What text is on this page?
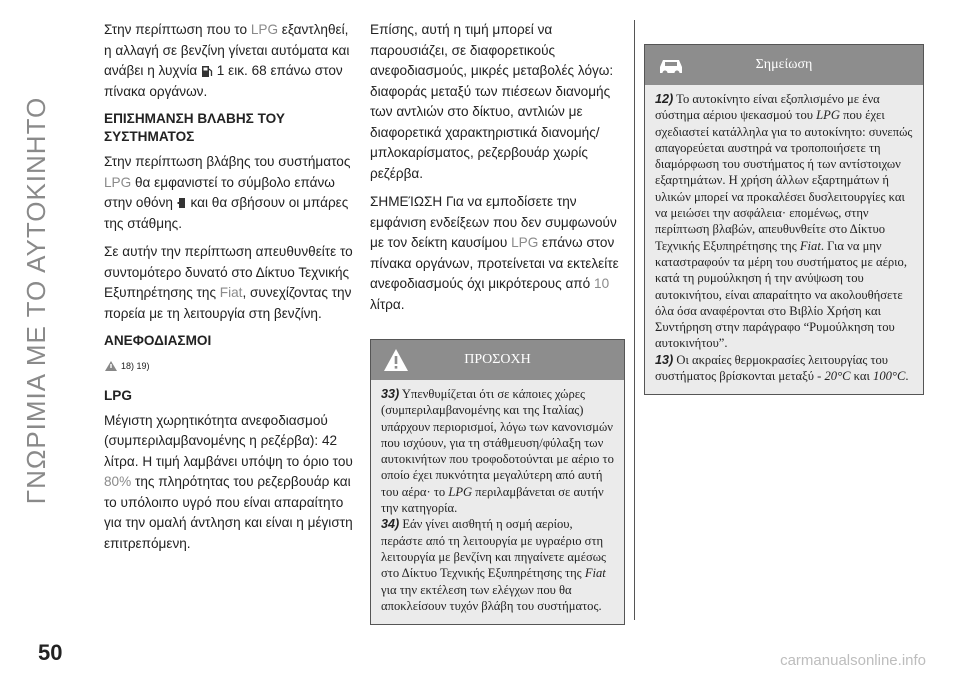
ΓΝΩΡΙΜΙΑ ΜΕ ΤΟ ΑΥΤΟΚΙΝΗΤΟ

Στην περίπτωση που το LPG εξαντληθεί, η αλλαγή σε βενζίνη γίνεται αυτόματα και ανάβει η λυχνία  1 εικ. 68 επάνω στον πίνακα οργάνων.

ΕΠΙΣΗΜΑΝΣΗ ΒΛΑΒΗΣ ΤΟΥ ΣΥΣΤΗΜΑΤΟΣ

Στην περίπτωση βλάβης του συστήματος LPG θα εμφανιστεί το σύμβολο επάνω στην οθόνη  και θα σβήσουν οι μπάρες της στάθμης.

Σε αυτήν την περίπτωση απευθυνθείτε το συντομότερο δυνατό στο Δίκτυο Τεχνικής Εξυπηρέτησης της Fiat, συνεχίζοντας την πορεία με τη λειτουργία στη βενζίνη.

ΑΝΕΦΟΔΙΑΣΜΟΙ
18) 19)
LPG

Μέγιστη χωρητικότητα ανεφοδιασμού (συμπεριλαμβανομένης η ρεζέρβα): 42 λίτρα. Η τιμή λαμβάνει υπόψη το όριο του 80% της πληρότητας του ρεζερβουάρ και το υπόλοιπο υγρό που είναι απαραίτητο για την ομαλή άντληση και είναι η μέγιστη επιτρεπόμενη.

Επίσης, αυτή η τιμή μπορεί να παρουσιάζει, σε διαφορετικούς ανεφοδιασμούς, μικρές μεταβολές λόγω: διαφοράς μεταξύ των πιέσεων διανομής των αντλιών στο δίκτυο, αντλιών με διαφορετικά χαρακτηριστικά διανομής/μπλοκαρίσματος, ρεζερβουάρ χωρίς ρεζέρβα.

ΣΗΜΕΊΩΣΗ Για να εμποδίσετε την εμφάνιση ενδείξεων που δεν συμφωνούν με τον δείκτη καυσίμου LPG επάνω στον πίνακα οργάνων, προτείνεται να εκτελείτε ανεφοδιασμούς όχι μικρότερους από 10 λίτρα.

ΠΡΟΣΟΧΗ

33) Υπενθυμίζεται ότι σε κάποιες χώρες (συμπεριλαμβανομένης και της Ιταλίας) υπάρχουν περιορισμοί, λόγω των κανονισμών που ισχύουν, για τη στάθμευση/φύλαξη των αυτοκινήτων που τροφοδοτούνται με αέριο το οποίο έχει πυκνότητα μεγαλύτερη από αυτή του αέρα· το LPG περιλαμβάνεται σε αυτήν την κατηγορία.

34) Εάν γίνει αισθητή η οσμή αερίου, περάστε από τη λειτουργία με υγραέριο στη λειτουργία με βενζίνη και πηγαίνετε αμέσως στο Δίκτυο Τεχνικής Εξυπηρέτησης της Fiat για την εκτέλεση των ελέγχων που θα αποκλείσουν τυχόν βλάβη του συστήματος.

Σημείωση

12) Το αυτοκίνητο είναι εξοπλισμένο με ένα σύστημα αέριου ψεκασμού του LPG που έχει σχεδιαστεί κατάλληλα για το αυτοκίνητο: συνεπώς απαγορεύεται αυστηρά να τροποποιήσετε τη διαμόρφωση του συστήματος ή των αντίστοιχων εξαρτημάτων. Η χρήση άλλων εξαρτημάτων ή υλικών μπορεί να προκαλέσει δυσλειτουργίες και να μειώσει την ασφάλεια· επομένως, στην περίπτωση βλαβών, απευθυνθείτε στο Δίκτυο Τεχνικής Εξυπηρέτησης της Fiat. Για να μην καταστραφούν τα μέρη του συστήματος με αέριο, κατά τη ρυμούλκηση ή την ανύψωση του αυτοκινήτου, είναι απαραίτητο να ακολουθήσετε όλα όσα αναφέρονται στο Βιβλίο Χρήση και Συντήρηση στην παράγραφο “Ρυμούλκηση του αυτοκινήτου”.

13) Οι ακραίες θερμοκρασίες λειτουργίας του συστήματος βρίσκονται μεταξύ - 20°C και 100°C.

50	carmanualsonline.info
